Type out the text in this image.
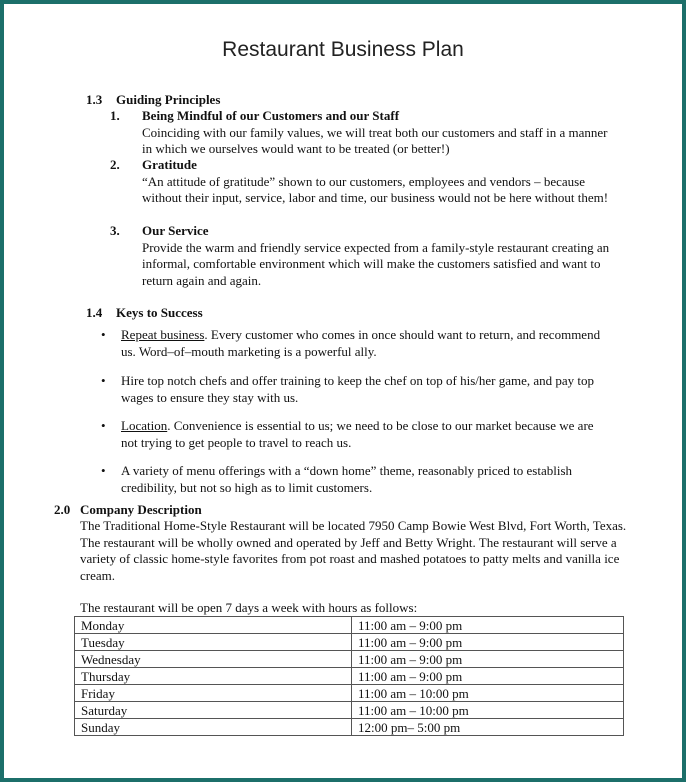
Restaurant Business Plan
1.3 Guiding Principles
1. Being Mindful of our Customers and our Staff
Coinciding with our family values, we will treat both our customers and staff in a manner in which we ourselves would want to be treated (or better!)
2. Gratitude
“An attitude of gratitude” shown to our customers, employees and vendors – because without their input, service, labor and time, our business would not be here without them!
3. Our Service
Provide the warm and friendly service expected from a family-style restaurant creating an informal, comfortable environment which will make the customers satisfied and want to return again and again.
1.4 Keys to Success
• Repeat business. Every customer who comes in once should want to return, and recommend us. Word–of–mouth marketing is a powerful ally.
• Hire top notch chefs and offer training to keep the chef on top of his/her game, and pay top wages to ensure they stay with us.
• Location. Convenience is essential to us; we need to be close to our market because we are not trying to get people to travel to reach us.
• A variety of menu offerings with a “down home” theme, reasonably priced to establish credibility, but not so high as to limit customers.
2.0 Company Description
The Traditional Home-Style Restaurant will be located 7950 Camp Bowie West Blvd, Fort Worth, Texas. The restaurant will be wholly owned and operated by Jeff and Betty Wright. The restaurant will serve a variety of classic home-style favorites from pot roast and mashed potatoes to patty melts and vanilla ice cream.
The restaurant will be open 7 days a week with hours as follows:
Monday	11:00 am – 9:00 pm
Tuesday	11:00 am – 9:00 pm
Wednesday	11:00 am – 9:00 pm
Thursday	11:00 am – 9:00 pm
Friday	11:00 am – 10:00 pm
Saturday	11:00 am – 10:00 pm
Sunday	12:00 pm– 5:00 pm
